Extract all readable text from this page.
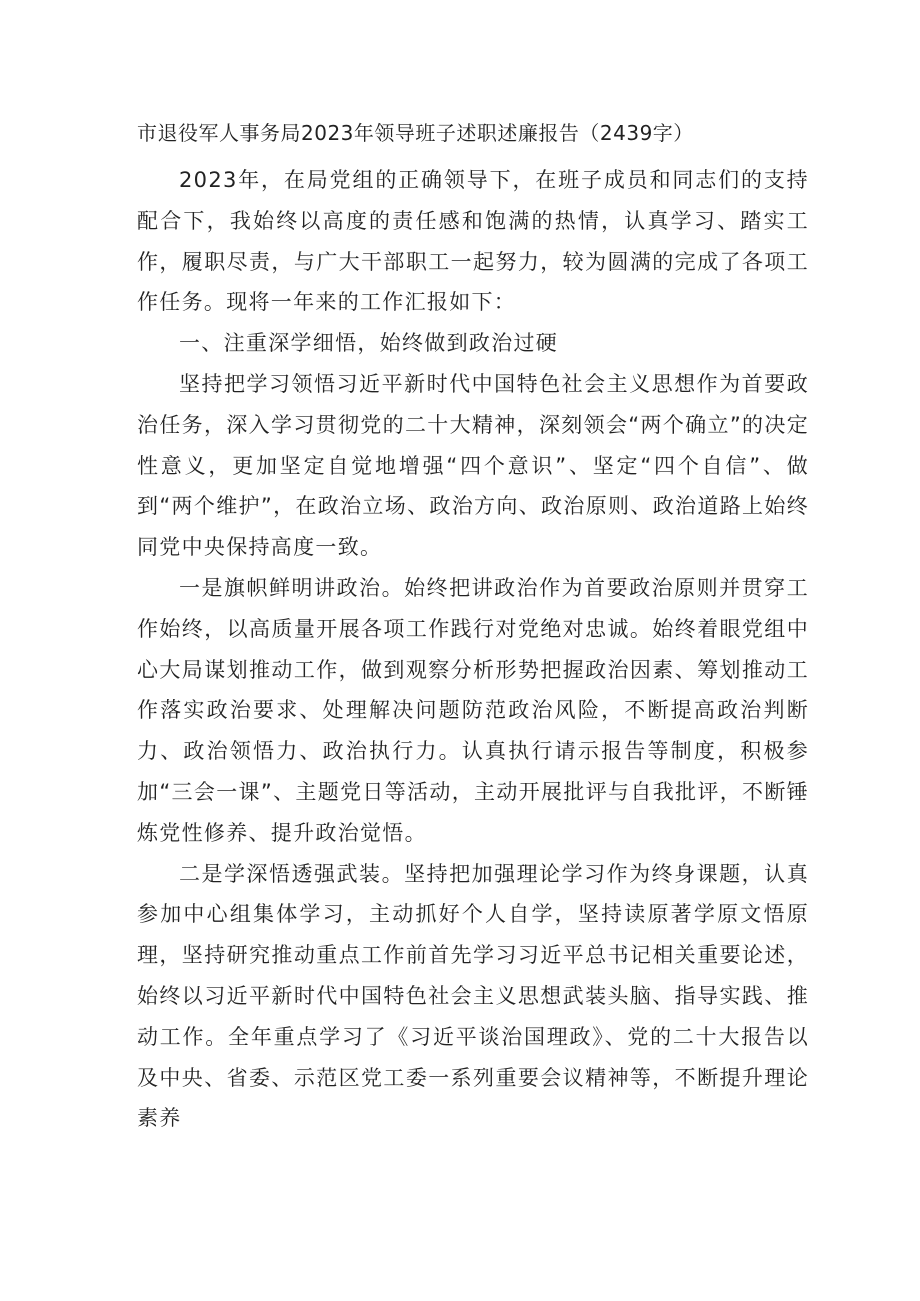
市退役军人事务局2023年领导班子述职述廉报告（2439字）

2023年，在局党组的正确领导下，在班子成员和同志们的支持配合下，我始终以高度的责任感和饱满的热情，认真学习、踏实工作，履职尽责，与广大干部职工一起努力，较为圆满的完成了各项工作任务。现将一年来的工作汇报如下：

一、注重深学细悟，始终做到政治过硬

坚持把学习领悟习近平新时代中国特色社会主义思想作为首要政治任务，深入学习贯彻党的二十大精神，深刻领会“两个确立”的决定性意义，更加坚定自觉地增强“四个意识”、坚定“四个自信”、做到“两个维护”，在政治立场、政治方向、政治原则、政治道路上始终同党中央保持高度一致。

一是旗帜鲜明讲政治。始终把讲政治作为首要政治原则并贯穿工作始终，以高质量开展各项工作践行对党绝对忠诚。始终着眼党组中心大局谋划推动工作，做到观察分析形势把握政治因素、筹划推动工作落实政治要求、处理解决问题防范政治风险，不断提高政治判断力、政治领悟力、政治执行力。认真执行请示报告等制度，积极参加“三会一课”、主题党日等活动，主动开展批评与自我批评，不断锤炼党性修养、提升政治觉悟。

二是学深悟透强武装。坚持把加强理论学习作为终身课题，认真参加中心组集体学习，主动抓好个人自学，坚持读原著学原文悟原理，坚持研究推动重点工作前首先学习习近平总书记相关重要论述，始终以习近平新时代中国特色社会主义思想武装头脑、指导实践、推动工作。全年重点学习了《习近平谈治国理政》、党的二十大报告以及中央、省委、示范区党工委一系列重要会议精神等，不断提升理论素养
